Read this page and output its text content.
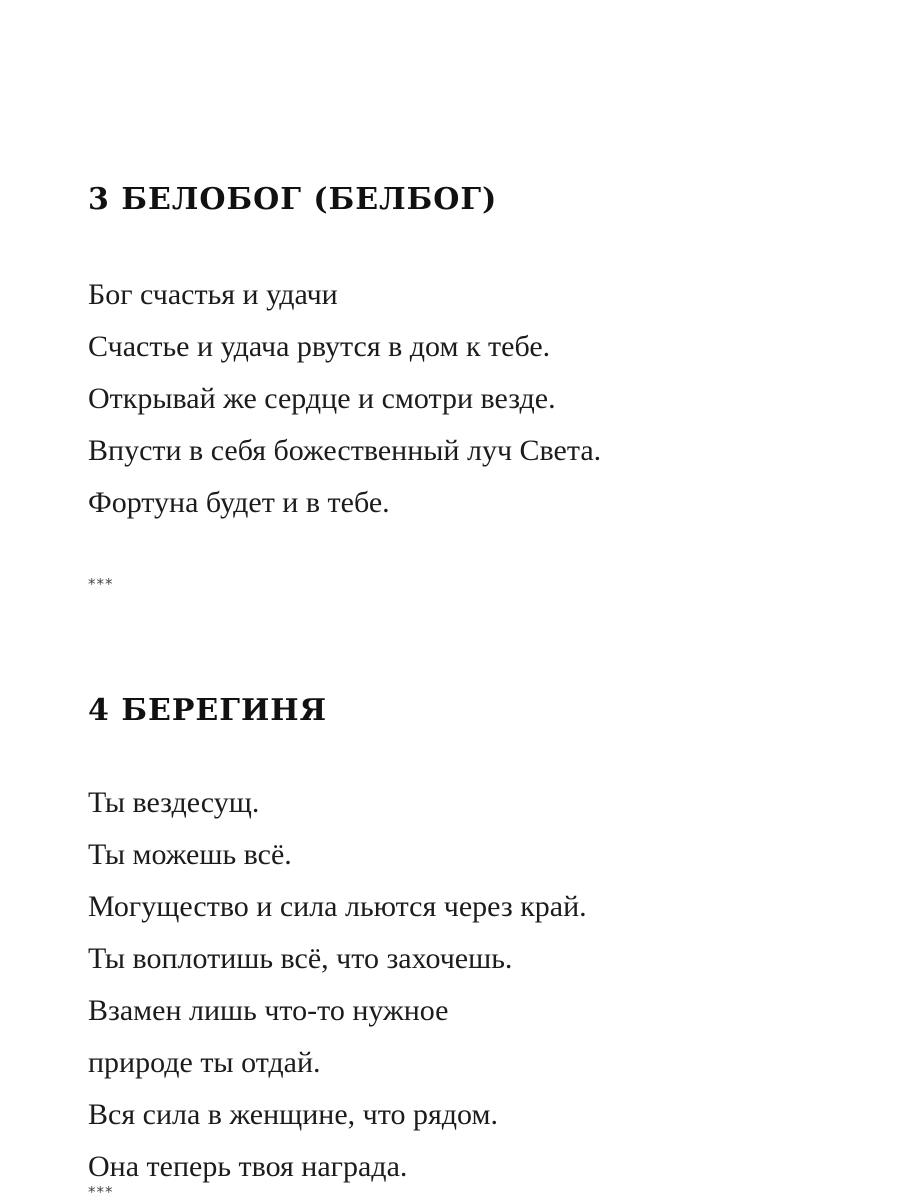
3 БЕЛОБОГ (БЕЛБОГ)
Бог счастья и удачи
Счастье и удача рвутся в дом к тебе.
Открывай же сердце и смотри везде.
Впусти в себя божественный луч Света.
Фортуна будет и в тебе.
***
4 БЕРЕГИНЯ
Ты вездесущ.
Ты можешь всё.
Могущество и сила льются через край.
Ты воплотишь всё, что захочешь.
Взамен лишь что-то нужное
природе ты отдай.
Вся сила в женщине, что рядом.
Она теперь твоя награда.
***
